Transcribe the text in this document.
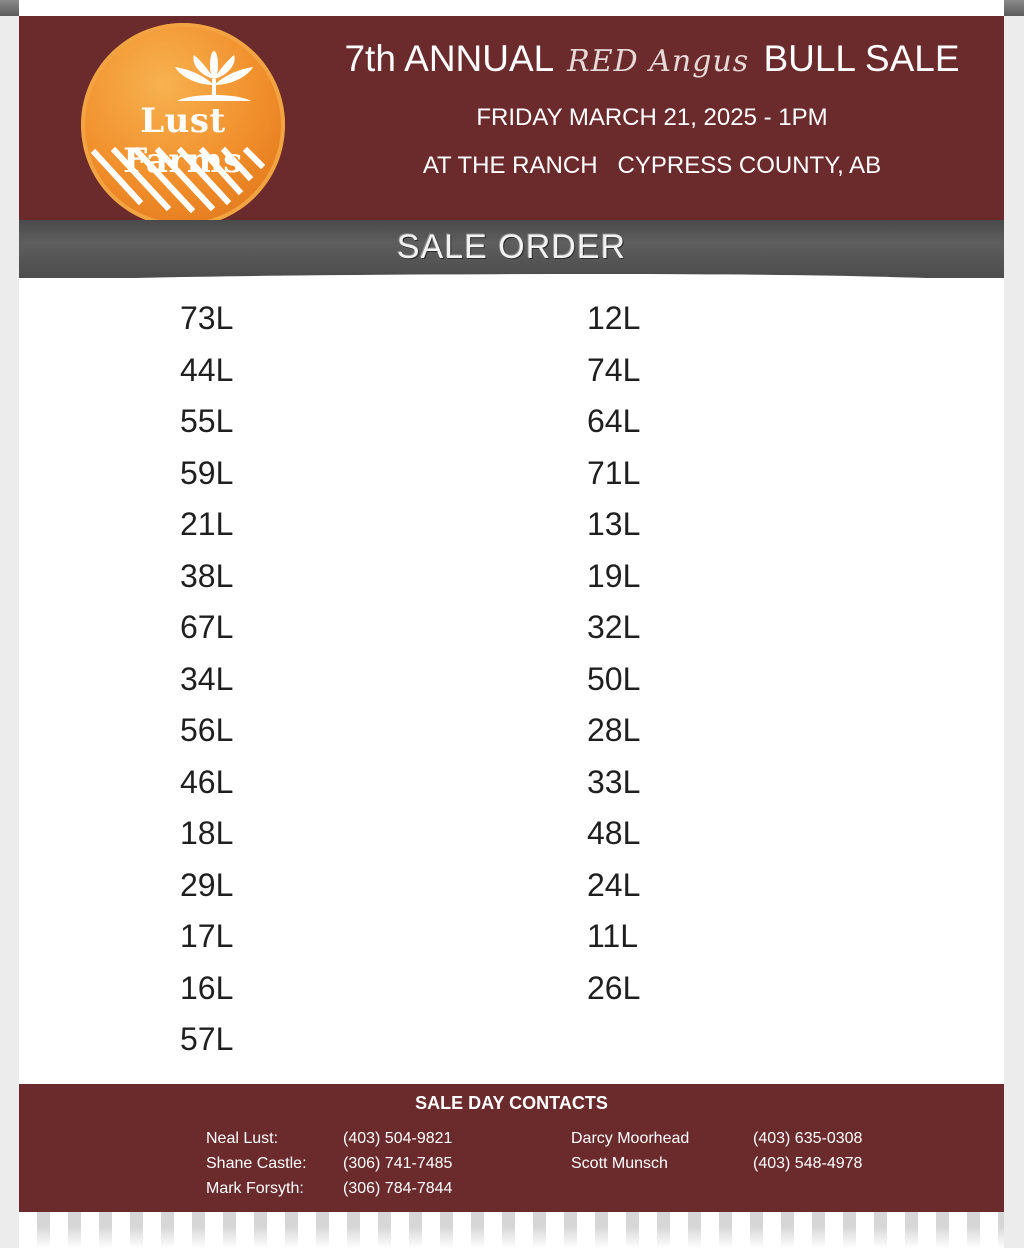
Lust Farms
7th ANNUAL RED Angus BULL SALE
FRIDAY MARCH 21, 2025 - 1PM
AT THE RANCH   CYPRESS COUNTY, AB
SALE ORDER
73L
44L
55L
59L
21L
38L
67L
34L
56L
46L
18L
29L
17L
16L
57L
12L
74L
64L
71L
13L
19L
32L
50L
28L
33L
48L
24L
11L
26L
SALE DAY CONTACTS
Neal Lust:	(403) 504-9821
Shane Castle: (306) 741-7485
Mark Forsyth: (306) 784-7844
Darcy Moorhead	(403) 635-0308
Scott Munsch	(403) 548-4978
